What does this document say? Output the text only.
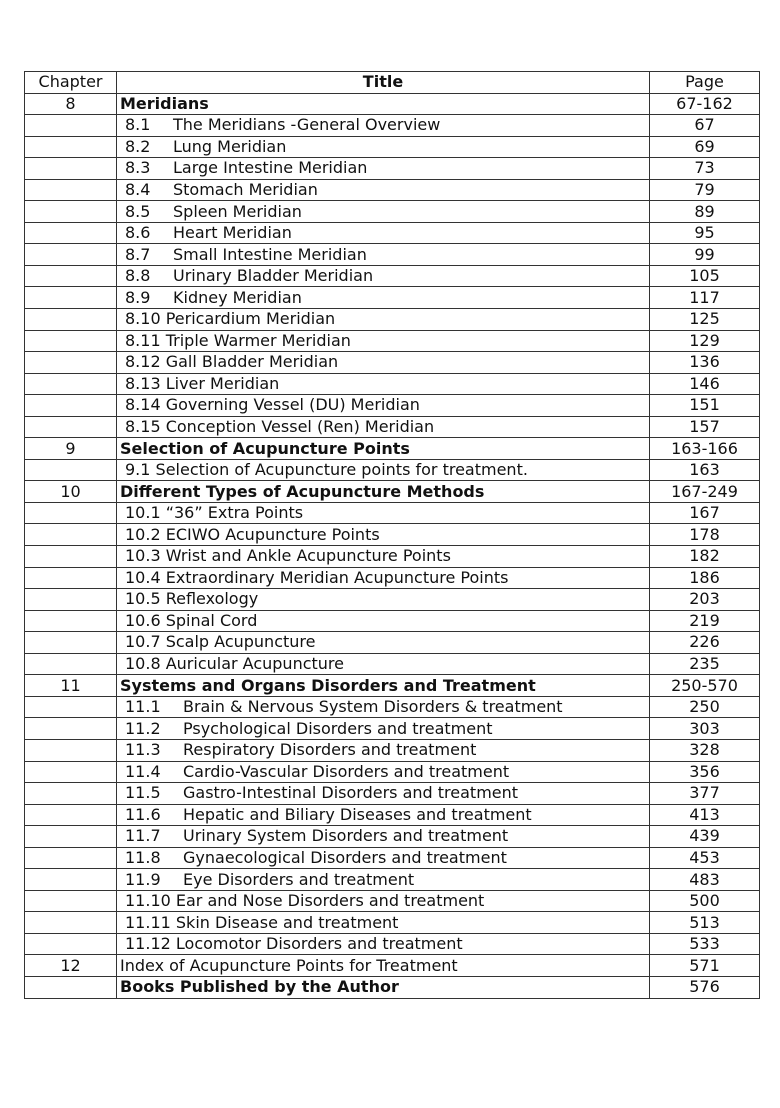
Chapter	Title	Page
8	Meridians	67-162
	8.1 The Meridians -General Overview	67
	8.2 Lung Meridian	69
	8.3 Large Intestine Meridian	73
	8.4 Stomach Meridian	79
	8.5 Spleen Meridian	89
	8.6 Heart Meridian	95
	8.7 Small Intestine Meridian	99
	8.8 Urinary Bladder Meridian	105
	8.9 Kidney Meridian	117
	8.10 Pericardium Meridian	125
	8.11 Triple Warmer Meridian	129
	8.12 Gall Bladder Meridian	136
	8.13 Liver Meridian	146
	8.14 Governing Vessel (DU) Meridian	151
	8.15 Conception Vessel (Ren) Meridian	157
9	Selection of Acupuncture Points	163-166
	9.1 Selection of Acupuncture points for treatment.	163
10	Different Types of Acupuncture Methods	167-249
	10.1 “36” Extra Points	167
	10.2 ECIWO Acupuncture Points	178
	10.3 Wrist and Ankle Acupuncture Points	182
	10.4 Extraordinary Meridian Acupuncture Points	186
	10.5 Reflexology	203
	10.6 Spinal Cord	219
	10.7 Scalp Acupuncture	226
	10.8 Auricular Acupuncture	235
11	Systems and Organs Disorders and Treatment	250-570
	11.1 Brain & Nervous System Disorders & treatment	250
	11.2 Psychological Disorders and treatment	303
	11.3 Respiratory Disorders and treatment	328
	11.4 Cardio-Vascular Disorders and treatment	356
	11.5 Gastro-Intestinal Disorders and treatment	377
	11.6 Hepatic and Biliary Diseases and treatment	413
	11.7 Urinary System Disorders and treatment	439
	11.8 Gynaecological Disorders and treatment	453
	11.9 Eye Disorders and treatment	483
	11.10 Ear and Nose Disorders and treatment	500
	11.11 Skin Disease and treatment	513
	11.12 Locomotor Disorders and treatment	533
12	Index of Acupuncture Points for Treatment	571
	Books Published by the Author	576
